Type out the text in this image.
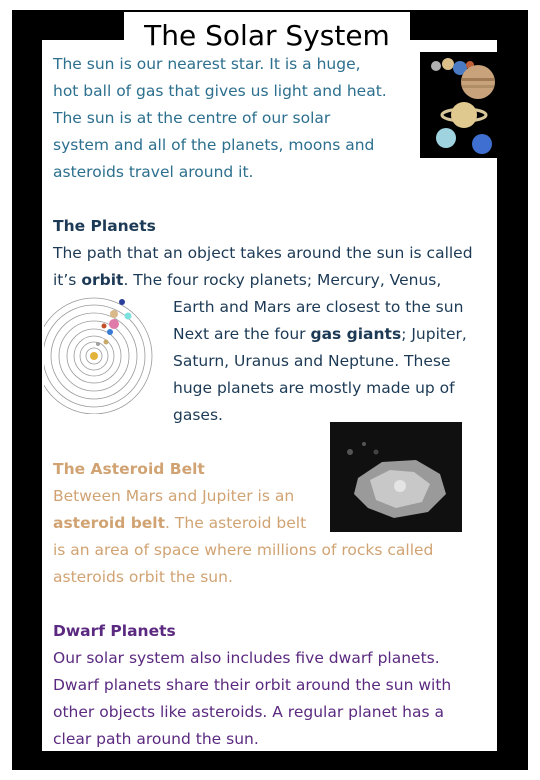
The Solar System
The sun is our nearest star. It is a huge,
hot ball of gas that gives us light and heat.
The sun is at the centre of our solar
system and all of the planets, moons and
asteroids travel around it.
The Planets
The path that an object takes around the sun is called
it’s orbit. The four rocky planets; Mercury, Venus,
Earth and Mars are closest to the sun
Next are the four gas giants; Jupiter,
Saturn, Uranus and Neptune. These
huge planets are mostly made up of
gases.
The Asteroid Belt
Between Mars and Jupiter is an
asteroid belt. The asteroid belt
is an area of space where millions of rocks called
asteroids orbit the sun.
Dwarf Planets
Our solar system also includes five dwarf planets.
Dwarf planets share their orbit around the sun with
other objects like asteroids. A regular planet has a
clear path around the sun.
